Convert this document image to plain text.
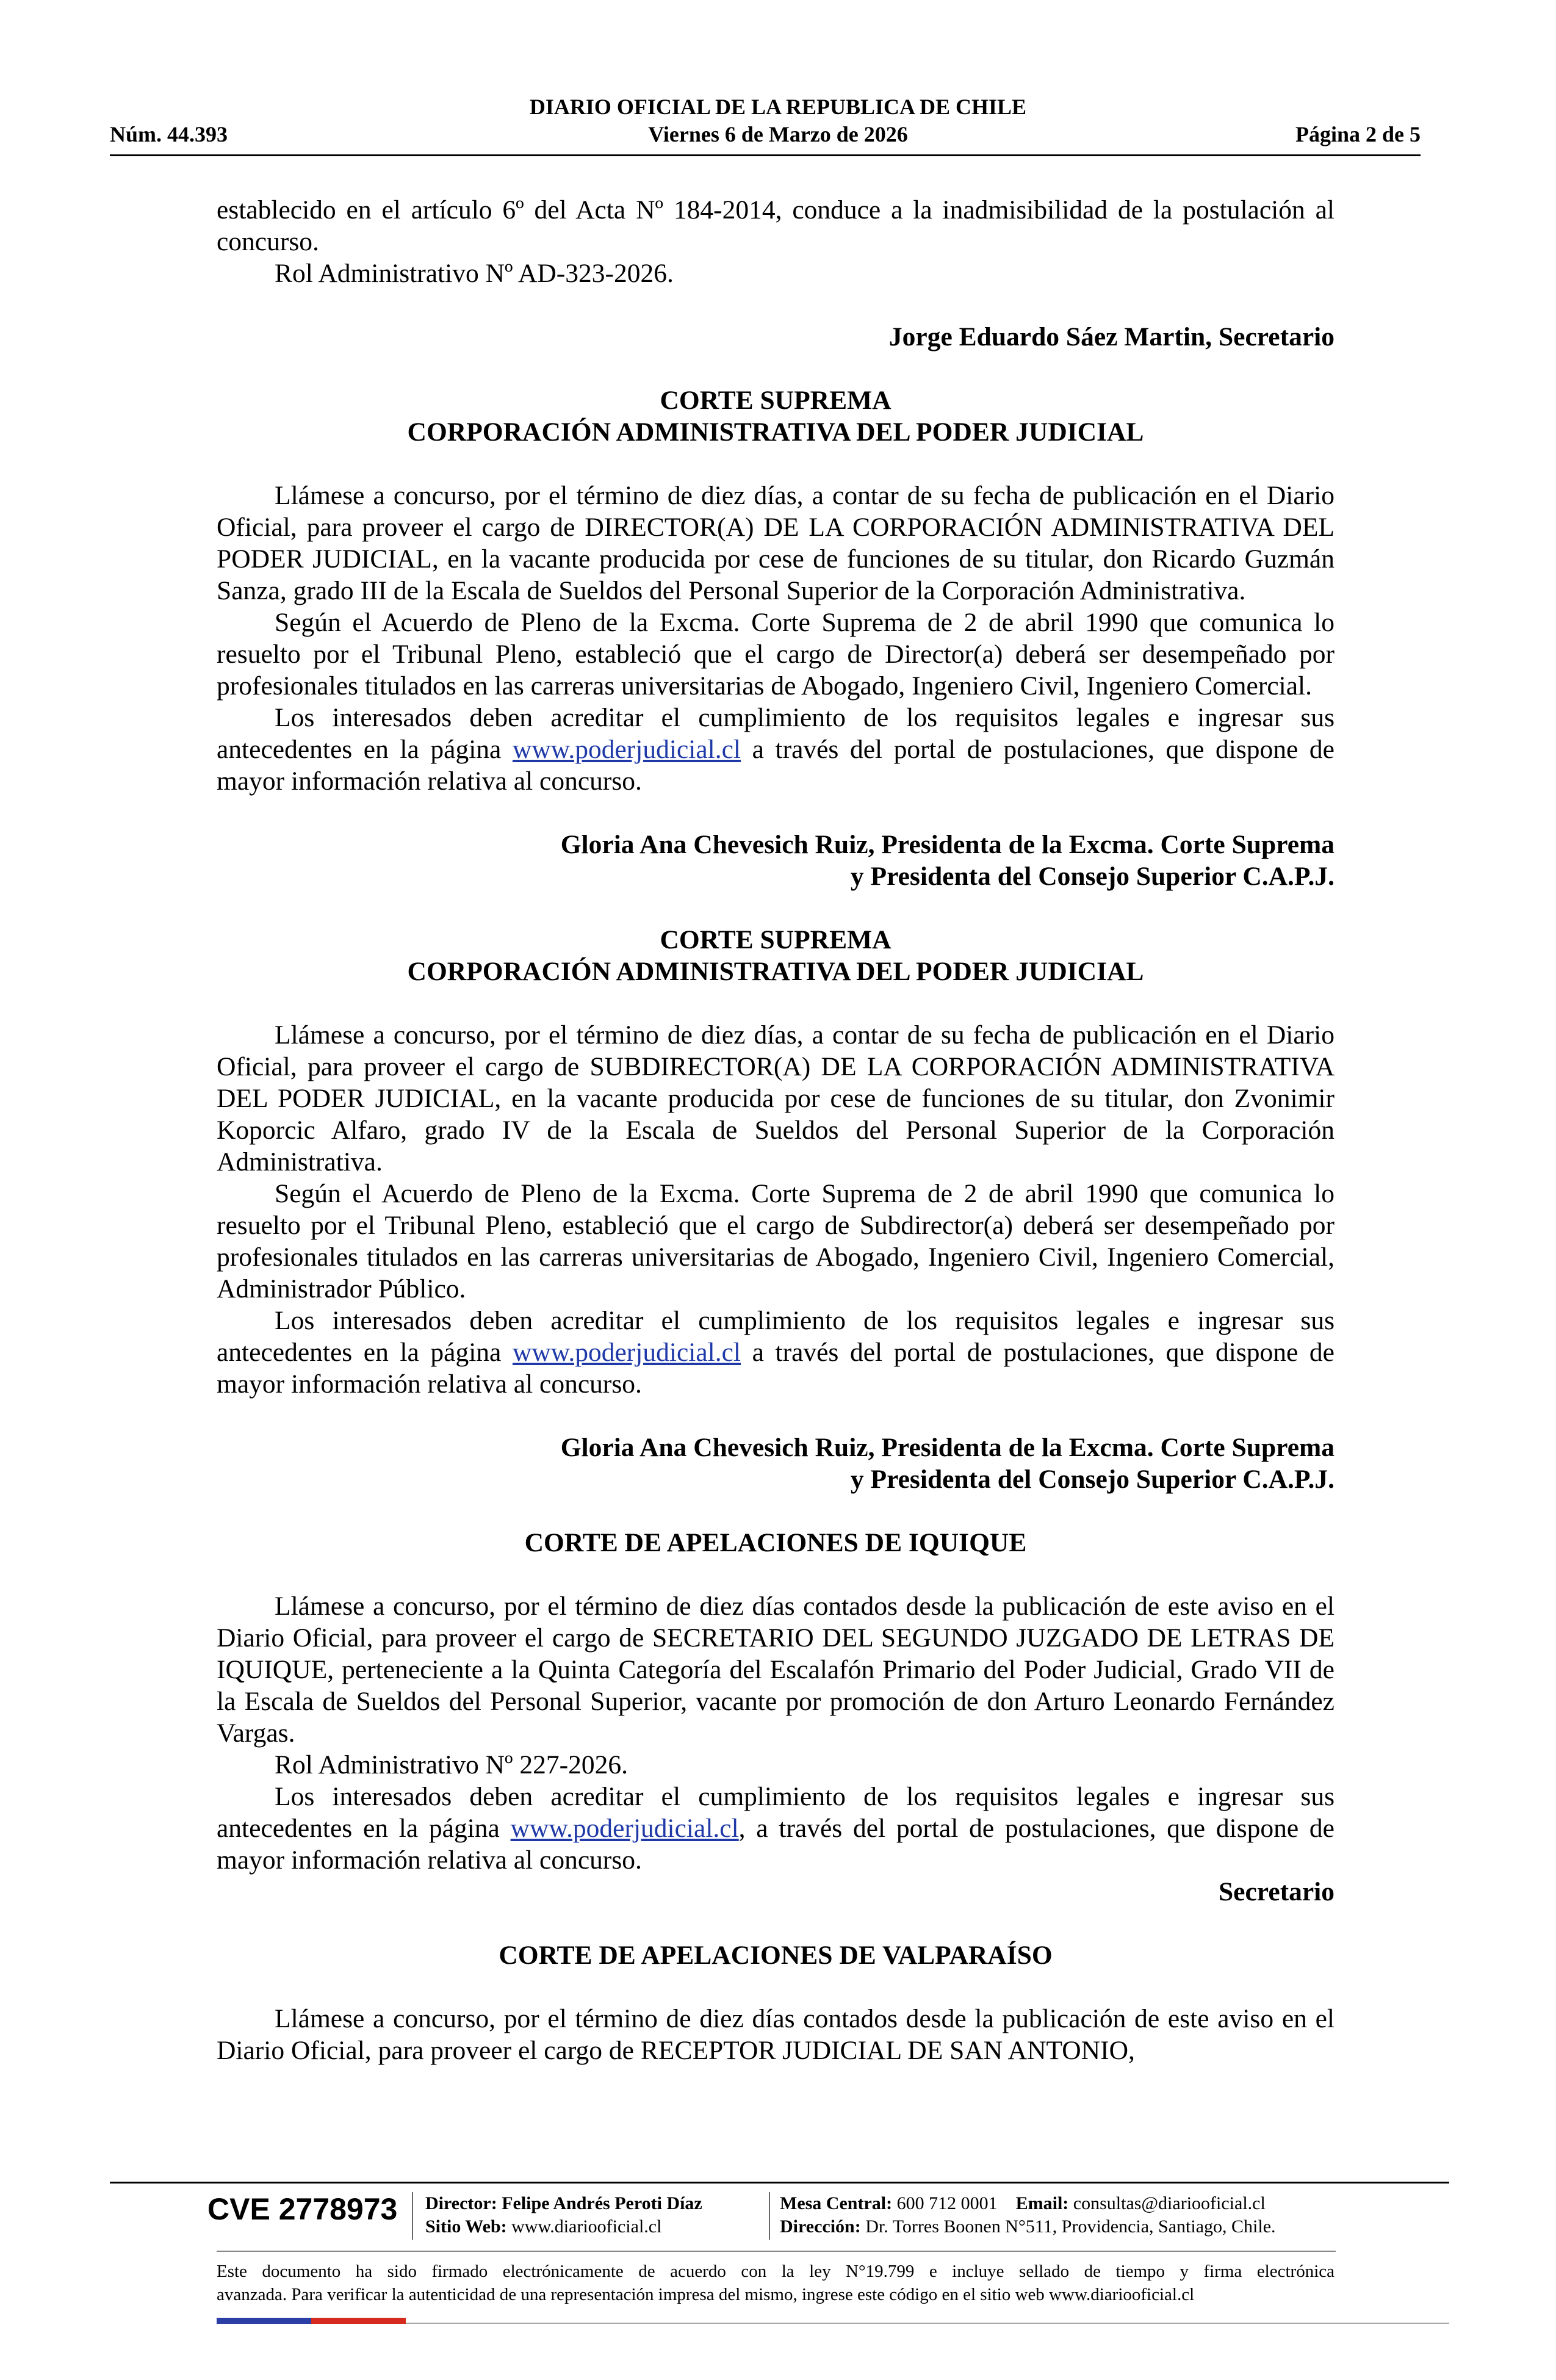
DIARIO OFICIAL DE LA REPUBLICA DE CHILE
Núm. 44.393	Viernes 6 de Marzo de 2026	Página 2 de 5

establecido en el artículo 6º del Acta Nº 184-2014, conduce a la inadmisibilidad de la postulación al concurso.

Rol Administrativo Nº AD-323-2026.

Jorge Eduardo Sáez Martin, Secretario

CORTE SUPREMA
CORPORACIÓN ADMINISTRATIVA DEL PODER JUDICIAL

Llámese a concurso, por el término de diez días, a contar de su fecha de publicación en el Diario Oficial, para proveer el cargo de DIRECTOR(A) DE LA CORPORACIÓN ADMINISTRATIVA DEL PODER JUDICIAL, en la vacante producida por cese de funciones de su titular, don Ricardo Guzmán Sanza, grado III de la Escala de Sueldos del Personal Superior de la Corporación Administrativa.

Según el Acuerdo de Pleno de la Excma. Corte Suprema de 2 de abril 1990 que comunica lo resuelto por el Tribunal Pleno, estableció que el cargo de Director(a) deberá ser desempeñado por profesionales titulados en las carreras universitarias de Abogado, Ingeniero Civil, Ingeniero Comercial.

Los interesados deben acreditar el cumplimiento de los requisitos legales e ingresar sus antecedentes en la página www.poderjudicial.cl a través del portal de postulaciones, que dispone de mayor información relativa al concurso.

Gloria Ana Chevesich Ruiz, Presidenta de la Excma. Corte Suprema

y Presidenta del Consejo Superior C.A.P.J.

CORTE SUPREMA
CORPORACIÓN ADMINISTRATIVA DEL PODER JUDICIAL

Llámese a concurso, por el término de diez días, a contar de su fecha de publicación en el Diario Oficial, para proveer el cargo de SUBDIRECTOR(A) DE LA CORPORACIÓN ADMINISTRATIVA DEL PODER JUDICIAL, en la vacante producida por cese de funciones de su titular, don Zvonimir Koporcic Alfaro, grado IV de la Escala de Sueldos del Personal Superior de la Corporación Administrativa.

Según el Acuerdo de Pleno de la Excma. Corte Suprema de 2 de abril 1990 que comunica lo resuelto por el Tribunal Pleno, estableció que el cargo de Subdirector(a) deberá ser desempeñado por profesionales titulados en las carreras universitarias de Abogado, Ingeniero Civil, Ingeniero Comercial, Administrador Público.

Los interesados deben acreditar el cumplimiento de los requisitos legales e ingresar sus antecedentes en la página www.poderjudicial.cl a través del portal de postulaciones, que dispone de mayor información relativa al concurso.

Gloria Ana Chevesich Ruiz, Presidenta de la Excma. Corte Suprema

y Presidenta del Consejo Superior C.A.P.J.

CORTE DE APELACIONES DE IQUIQUE

Llámese a concurso, por el término de diez días contados desde la publicación de este aviso en el Diario Oficial, para proveer el cargo de SECRETARIO DEL SEGUNDO JUZGADO DE LETRAS DE IQUIQUE, perteneciente a la Quinta Categoría del Escalafón Primario del Poder Judicial, Grado VII de la Escala de Sueldos del Personal Superior, vacante por promoción de don Arturo Leonardo Fernández Vargas.

Rol Administrativo Nº 227-2026.

Los interesados deben acreditar el cumplimiento de los requisitos legales e ingresar sus antecedentes en la página www.poderjudicial.cl, a través del portal de postulaciones, que dispone de mayor información relativa al concurso.

Secretario

CORTE DE APELACIONES DE VALPARAÍSO

Llámese a concurso, por el término de diez días contados desde la publicación de este aviso en el Diario Oficial, para proveer el cargo de RECEPTOR JUDICIAL DE SAN ANTONIO,

CVE 2778973 Director: Felipe Andrés Peroti Díaz
Sitio Web: www.diariooficial.cl
Mesa Central: 600 712 0001 Email: consultas@diariooficial.cl
Dirección: Dr. Torres Boonen N°511, Providencia, Santiago, Chile.
Este documento ha sido firmado electrónicamente de acuerdo con la ley N°19.799 e incluye sellado de tiempo y firma electrónica
avanzada. Para verificar la autenticidad de una representación impresa del mismo, ingrese este código en el sitio web www.diariooficial.cl
